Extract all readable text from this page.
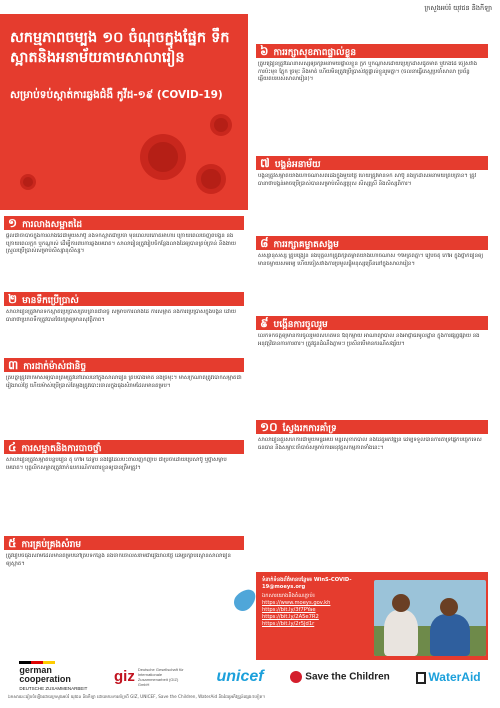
ក្រសួងអប់រំ យុវជន និងកីឡា
សកម្មភាពចម្បង ១០ ចំណុចក្នុងផ្នែក ទឹកស្អាតនិងអនាម័យតាមសាលារៀន
សម្រាប់ទប់ស្កាត់ការឆ្លងជំងឺ កូវីដ-១៩ (COVID-19)
១ ការលាងសម្អាតដៃ
ផ្ដល់ជាចាំបាច់ក្នុងការលាងដៃជាមួយសាប៊ូ និងទឹកស្អាតជាប្រចាំ មុនពេលបរិភោគអាហារ ក្រោយពេលចេញពីបង្គន់ និងក្រោយពេលក្អក ឬកណ្ដាស់ ដើម្បីការពារការឆ្លងមេរោគ។ សាលារៀនត្រូវរៀបចំកន្លែងលាងដៃឲ្យបានគ្រប់គ្រាន់ និងងាយស្រួលប្រើប្រាស់សម្រាប់សិស្សានុសិស្ស។
២ មានទឹកប្រើប្រាស់
សាលារៀនត្រូវមានទឹកស្អាតប្រើប្រាស់គ្រប់គ្រាន់ជានិច្ច សម្រាប់ការលាងដៃ ការសម្អាត និងការប្រើប្រាស់ក្នុងបង្គន់ ដោយធានាថាប្រភពទឹកត្រូវបានថែរក្សាឲ្យមានសុវត្ថិភាព។
៣ ការដាក់ម៉ាស់ជានិច្ច
គ្រប់គ្នាត្រូវពាក់ម៉ាស់ឲ្យបានត្រឹមត្រូវនៅពេលនៅក្នុងសាលារៀន គ្របបាំងមាត់ និងច្រមុះ។ ម៉ាស់ក្រណាត់ត្រូវបោកសម្អាតជារៀងរាល់ថ្ងៃ ហើយម៉ាស់ប្រើប្រាស់តែម្ដងត្រូវបោះចោលក្នុងធុងសំរាមដែលមានគម្រប។
៤ ការសម្អាតនិងការបាចថ្នាំ
សាលារៀនត្រូវសម្អាតបន្ទប់រៀន តុ កៅអី ដៃទ្វារ និងផ្ទៃដែលប៉ះពាល់ញឹកញាប់ ជាប្រចាំដោយប្រើសាប៊ូ ឬថ្នាំសម្លាប់មេរោគ។ បុគ្គលិកសម្អាតត្រូវពាក់ឧបករណ៍ការពារខ្លួនឲ្យបានត្រឹមត្រូវ។
៥ ការគ្រប់គ្រងសំរាម
ត្រូវរៀបចំធុងសំរាមដែលមានគម្របនៅគ្រប់ទីកន្លែង និងចាក់ចោលសំរាមជារៀងរាល់ថ្ងៃ ដើម្បីរក្សាបរិស្ថានសាលារៀនឲ្យស្អាត។
៦ ការរក្សាសុខភាពផ្ទាល់ខ្លួន
គ្រូបង្រៀនត្រូវណែនាំសិស្សឲ្យរក្សាអនាម័យផ្ទាល់ខ្លួន ក្អក ឬកណ្ដាស់ដោយប្រើក្រដាសជូតមាត់ ឬកែងដៃ ចៀសវាងការប៉ះមុខ ភ្នែក ច្រមុះ និងមាត់ ហើយមិនត្រូវប្រើប្រាស់វត្ថុផ្ទាល់ខ្លួនរួមគ្នា។ (ចលនាធ្វើតេស្តប្រចាំសាលា ប្រព័ន្ធឆ្លើយតបរបស់សាលារៀន)។
៧ បង្គន់អនាម័យ
បង្គន់ត្រូវសម្អាតយ៉ាងហោចណាស់ពីរដងក្នុងមួយថ្ងៃ ហើយត្រូវមានទឹក សាប៊ូ និងក្រដាសអនាម័យគ្រប់គ្រាន់។ ត្រូវធានាថាបង្គន់អាចប្រើប្រាស់បានសម្រាប់សិស្សប្រុស សិស្សស្រី និងសិស្សពិការ។
៨ ការរក្សាគម្លាតសង្គម
សិស្សានុសិស្ស គ្រូបង្រៀន និងបុគ្គលិកត្រូវរក្សាគម្លាតយ៉ាងហោចណាស់ ១ម៉ែត្រពីគ្នា។ រៀបចំតុ កៅអី ក្នុងថ្នាក់រៀនឲ្យមានចម្ងាយសមរម្យ ហើយចៀសវាងការប្រមូលផ្ដុំមនុស្សច្រើននៅក្នុងសាលារៀន។
៩ បង្កើនការចូលរួម
លើកទឹកចិត្តឲ្យមានការចូលរួមពីសហគមន៍ ឪពុកម្ដាយ អាណាព្យាបាល និងអាជ្ញាធរមូលដ្ឋាន ក្នុងការផ្សព្វផ្សាយ និងអនុវត្តវិធានការការពារ។ ត្រូវជូនដំណឹងភ្លាមៗ ប្រសិនបើមានករណីសង្ស័យ។
១០ ស្វែងរកការគាំទ្រ
សាលារៀនគួរសហការជាមួយមន្ទីរអប់រំ មន្ទីរសុខាភិបាល និងដៃគូអភិវឌ្ឍន៍ ដើម្បីទទួលបានការគាំទ្រផ្នែកបច្ចេកទេស ធនធាន និងសម្ភារៈចាំបាច់សម្រាប់ការអនុវត្តសកម្មភាពទាំងនេះ។
ទំនាក់ទំនងព័ត៌មានបន្ថែម៖ WinS-COVID-19@moeys.org
ឯកសារយោងនិងតំណភ្ជាប់៖
https://www.moeys.gov.kh
https://bit.ly/3f7PYae
https://bit.ly/2A5e7R2
https://bit.ly/2r5Jd1r
german
cooperation
DEUTSCHE ZUSAMMENARBEIT
giz Deutsche Gesellschaft für Internationale Zusammenarbeit (GIZ) GmbH	unicef	Save the Children	WaterAid
ឯកសារនេះរៀបចំឡើងដោយក្រសួងអប់រំ យុវជន និងកីឡា ដោយមានការគាំទ្រពី GIZ, UNICEF, Save the Children, WaterAid និងដៃគូអភិវឌ្ឍន៍ផ្សេងៗទៀត។
